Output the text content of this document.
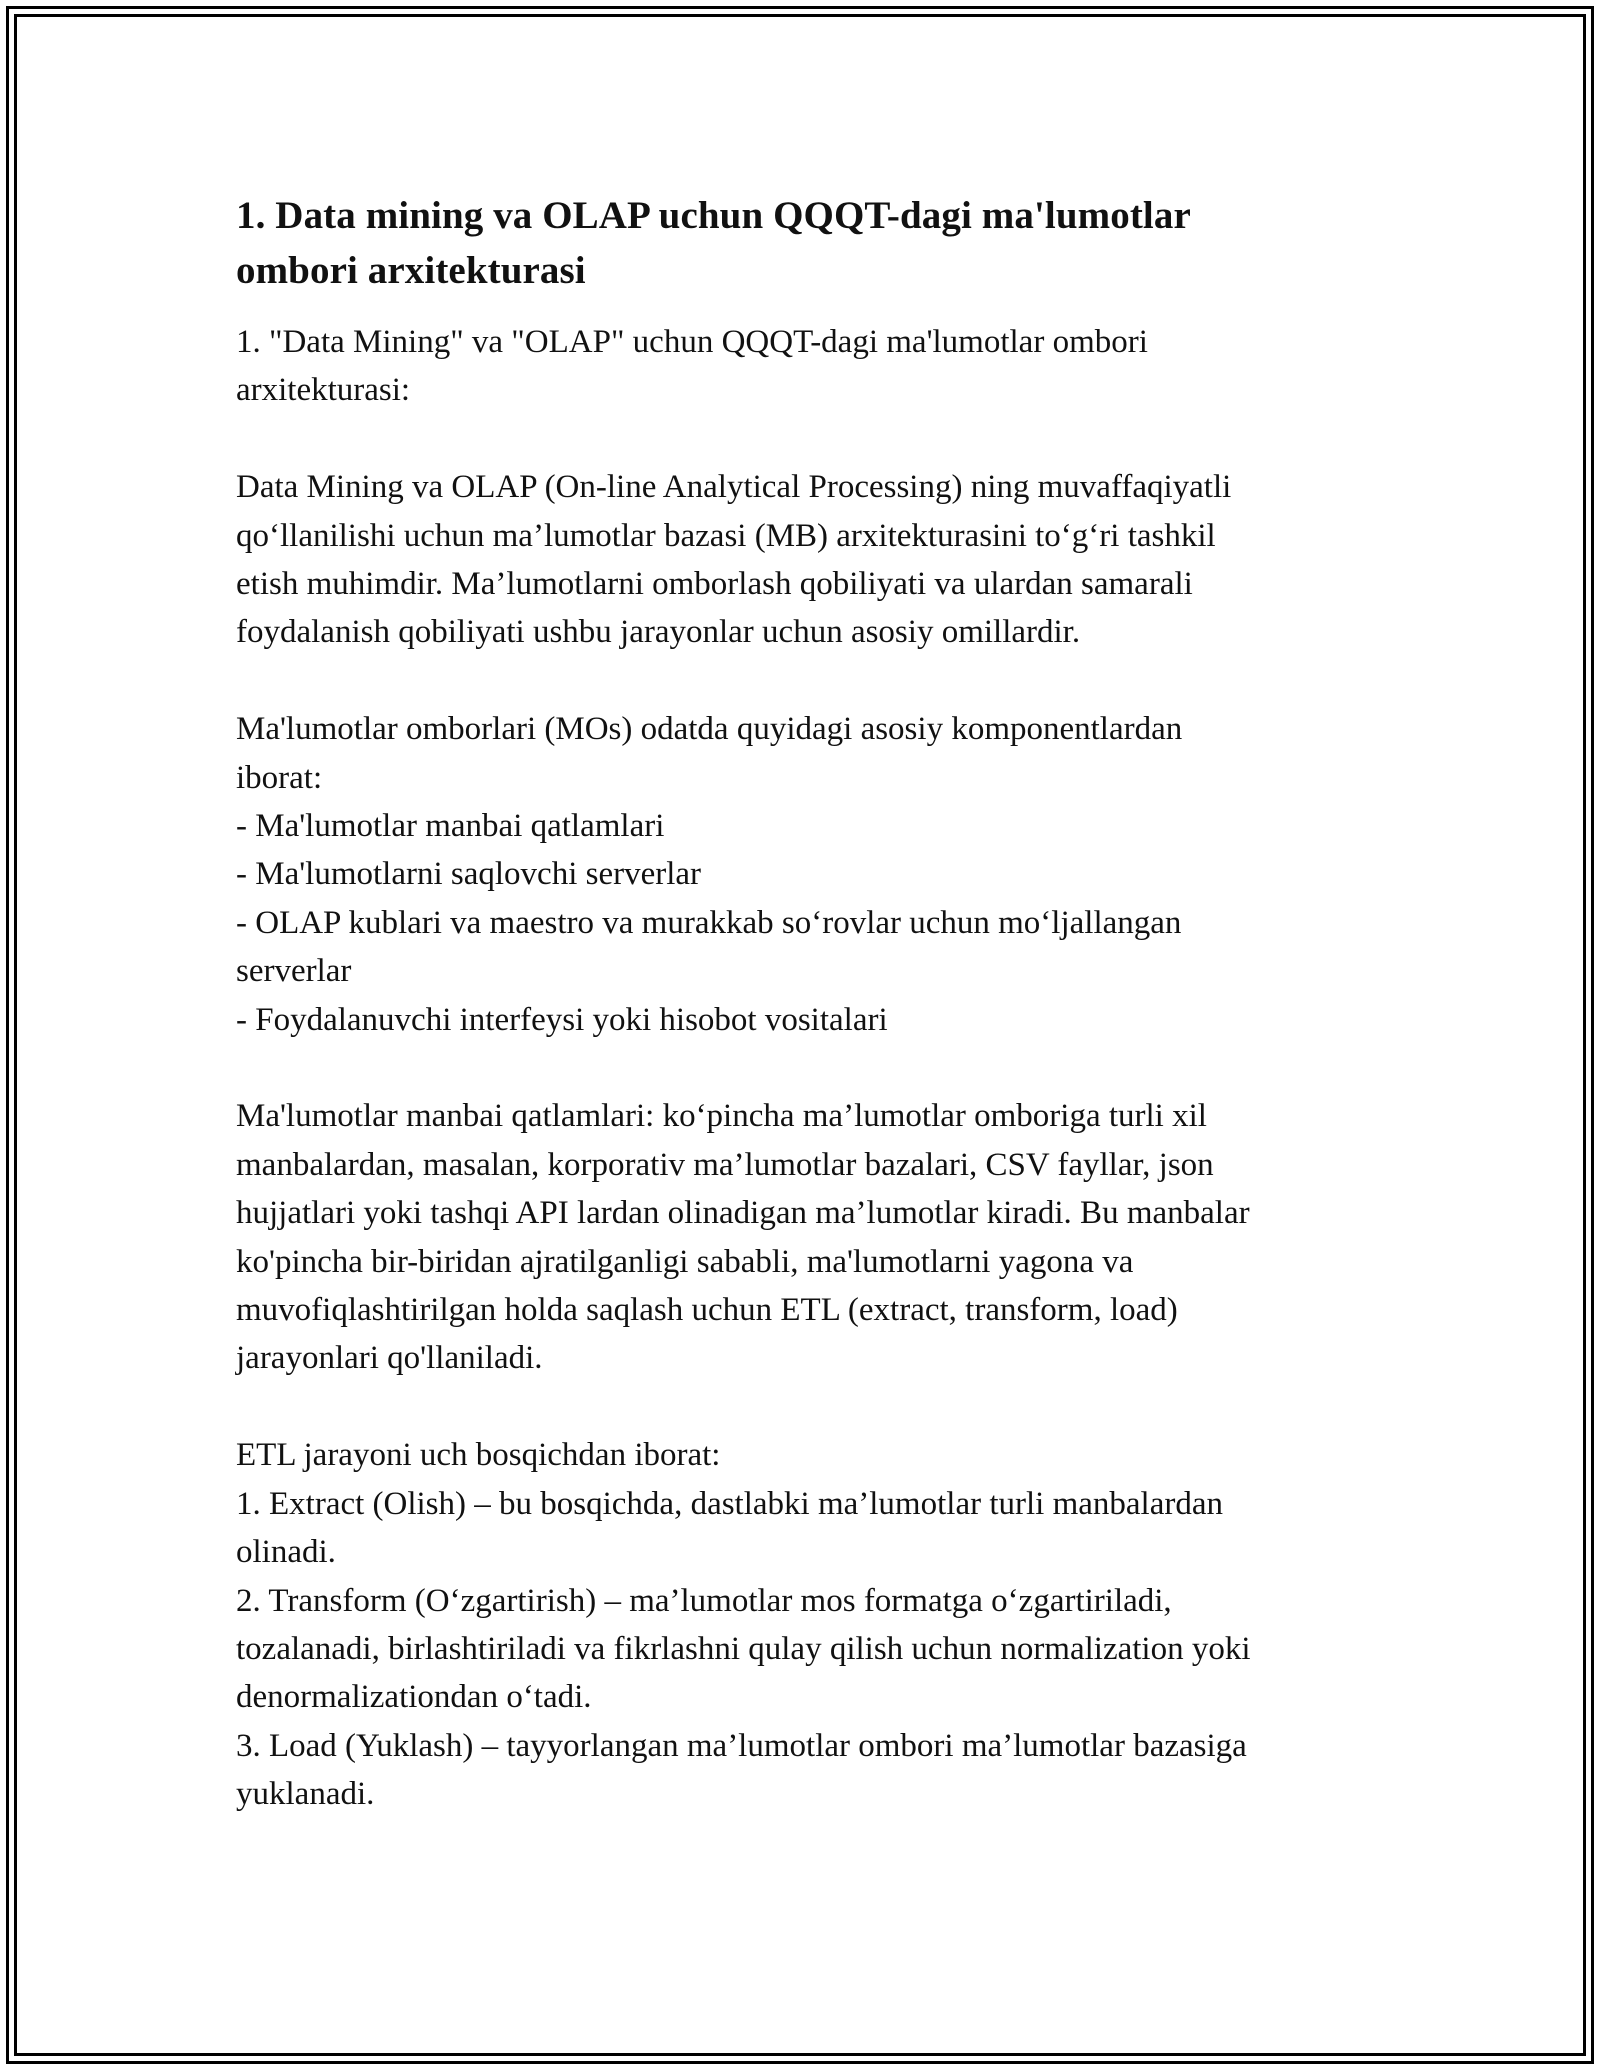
1. Data mining va OLAP uchun QQQT-dagi ma'lumotlar
ombori arxitekturasi

1. "Data Mining" va "OLAP" uchun QQQT-dagi ma'lumotlar ombori
arxitekturasi:

Data Mining va OLAP (On-line Analytical Processing) ning muvaffaqiyatli
qo‘llanilishi uchun ma’lumotlar bazasi (MB) arxitekturasini to‘g‘ri tashkil
etish muhimdir. Ma’lumotlarni omborlash qobiliyati va ulardan samarali
foydalanish qobiliyati ushbu jarayonlar uchun asosiy omillardir.

Ma'lumotlar omborlari (MOs) odatda quyidagi asosiy komponentlardan
iborat:
- Ma'lumotlar manbai qatlamlari
- Ma'lumotlarni saqlovchi serverlar
- OLAP kublari va maestro va murakkab so‘rovlar uchun mo‘ljallangan
serverlar
- Foydalanuvchi interfeysi yoki hisobot vositalari

Ma'lumotlar manbai qatlamlari: ko‘pincha ma’lumotlar omboriga turli xil
manbalardan, masalan, korporativ ma’lumotlar bazalari, CSV fayllar, json
hujjatlari yoki tashqi API lardan olinadigan ma’lumotlar kiradi. Bu manbalar
ko'pincha bir-biridan ajratilganligi sababli, ma'lumotlarni yagona va
muvofiqlashtirilgan holda saqlash uchun ETL (extract, transform, load)
jarayonlari qo'llaniladi.

ETL jarayoni uch bosqichdan iborat:
1. Extract (Olish) – bu bosqichda, dastlabki ma’lumotlar turli manbalardan
olinadi.
2. Transform (O‘zgartirish) – ma’lumotlar mos formatga o‘zgartiriladi,
tozalanadi, birlashtiriladi va fikrlashni qulay qilish uchun normalization yoki
denormalizationdan o‘tadi.
3. Load (Yuklash) – tayyorlangan ma’lumotlar ombori ma’lumotlar bazasiga
yuklanadi.
